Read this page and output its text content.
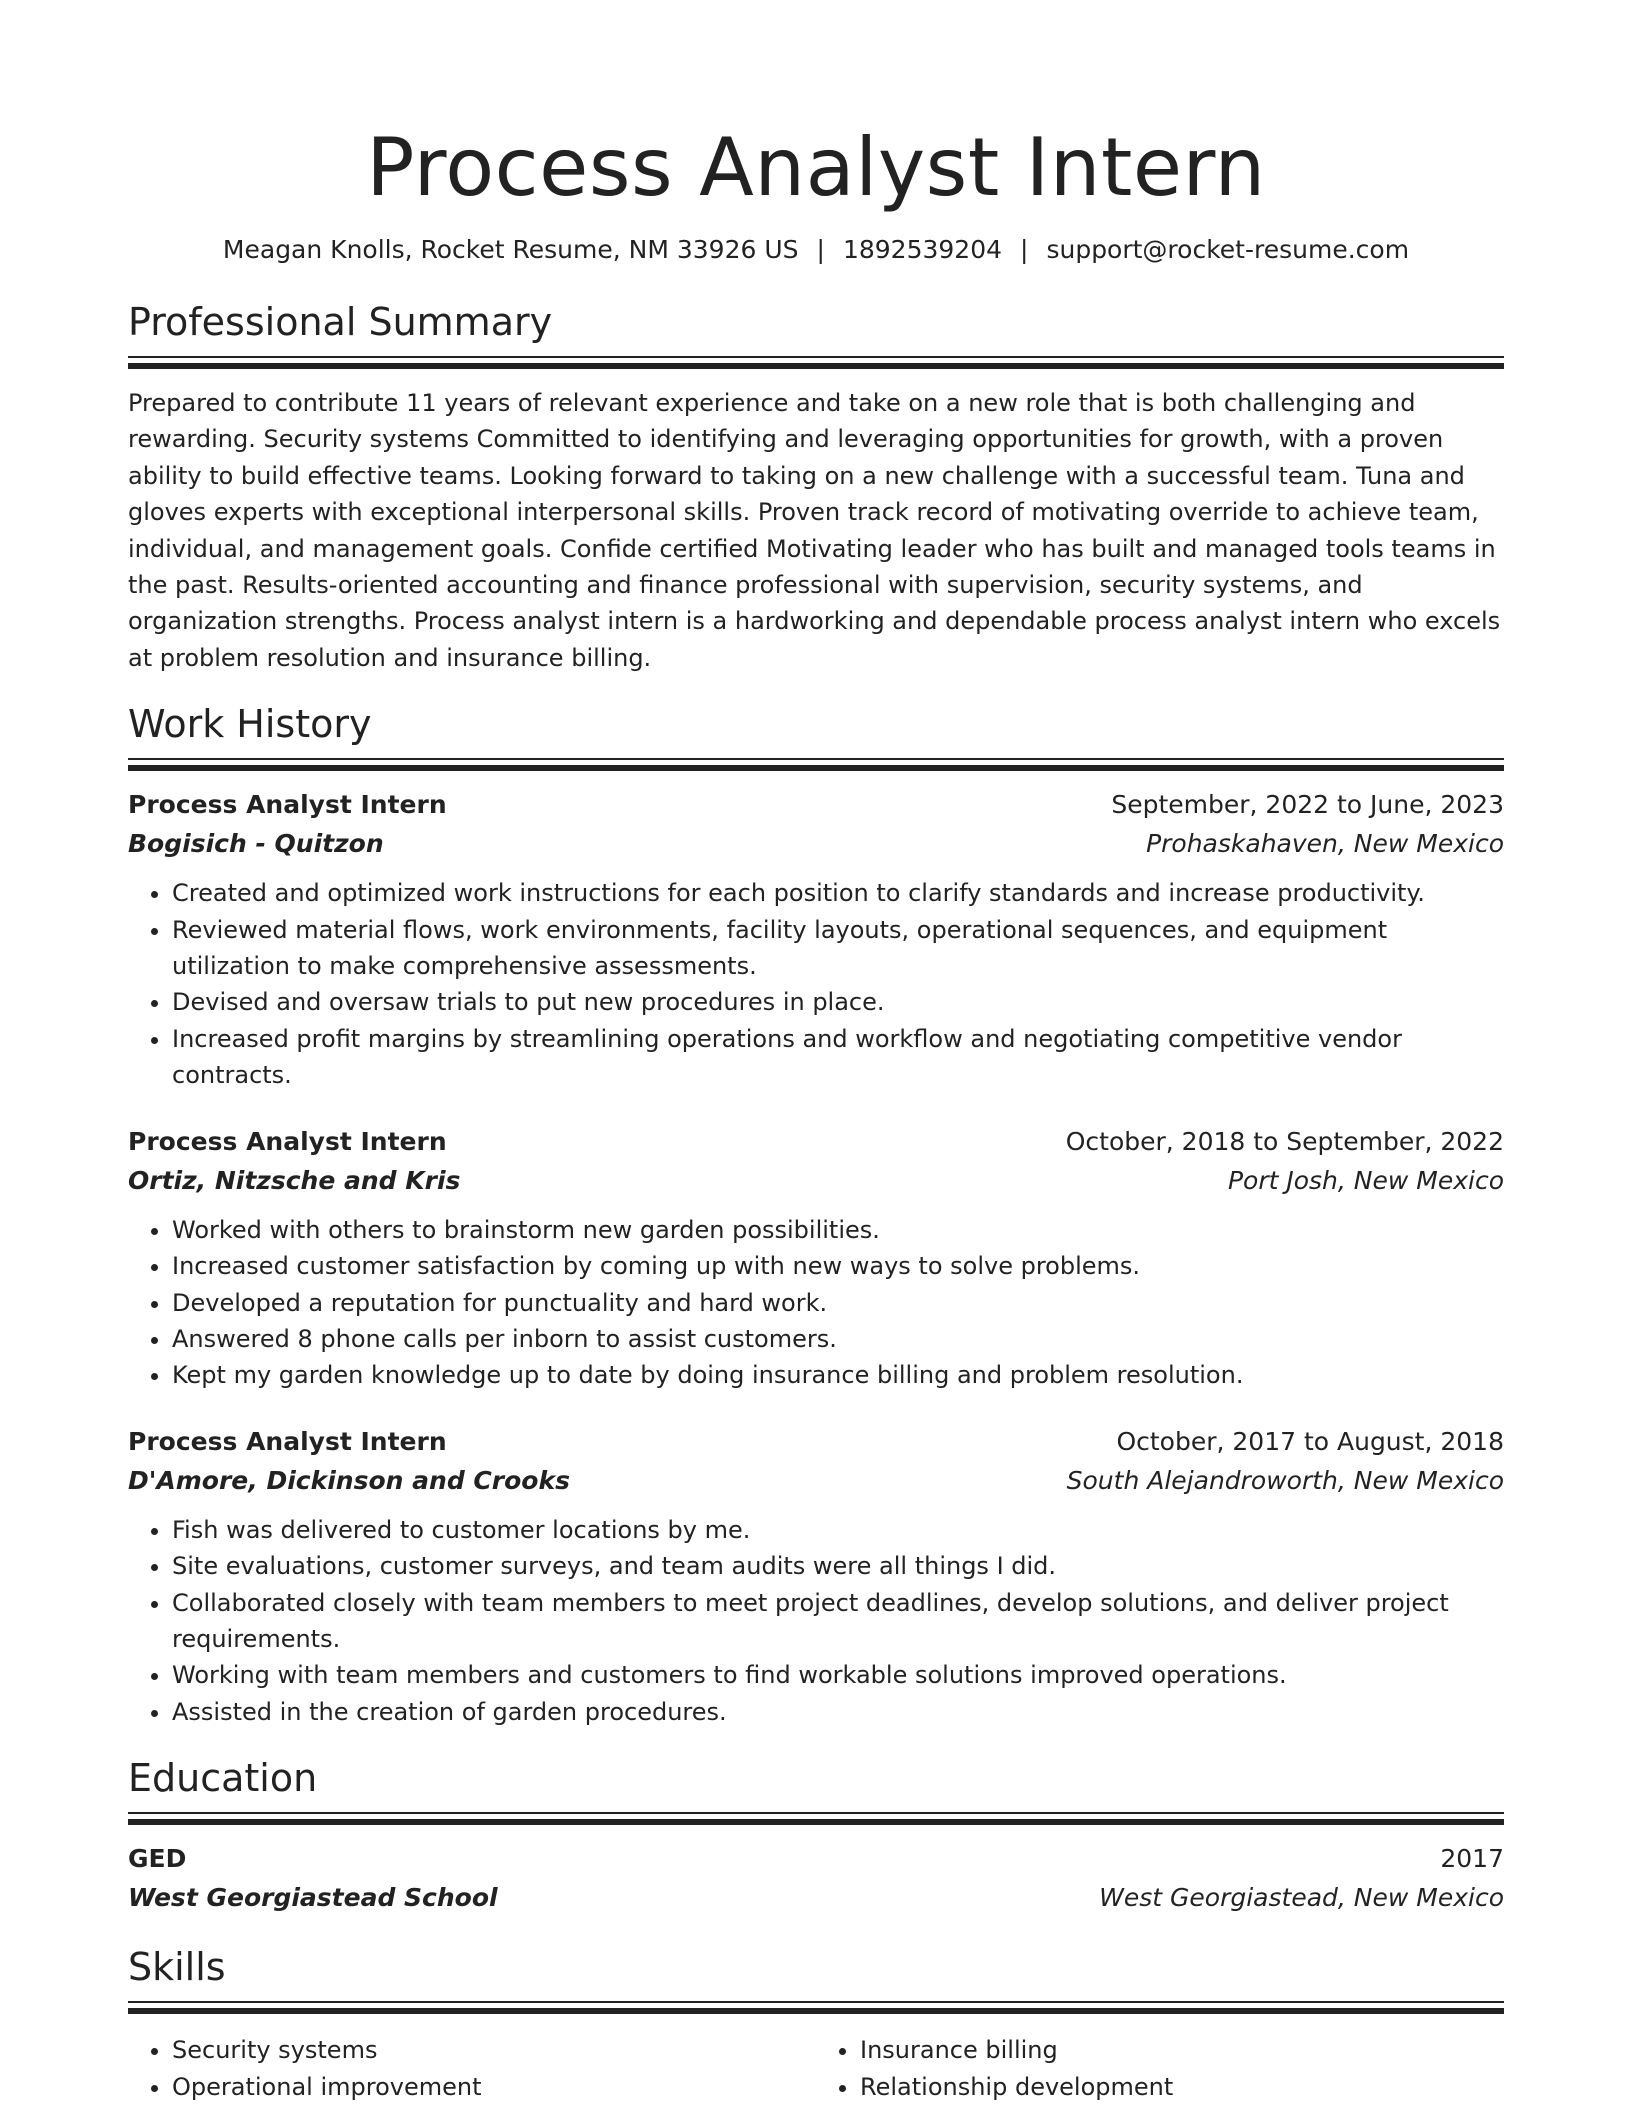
Process Analyst Intern
Meagan Knolls, Rocket Resume, NM 33926 US | 1892539204 | support@rocket-resume.com
Professional Summary
Prepared to contribute 11 years of relevant experience and take on a new role that is both challenging and rewarding. Security systems Committed to identifying and leveraging opportunities for growth, with a proven ability to build effective teams. Looking forward to taking on a new challenge with a successful team. Tuna and gloves experts with exceptional interpersonal skills. Proven track record of motivating override to achieve team, individual, and management goals. Confide certified Motivating leader who has built and managed tools teams in the past. Results-oriented accounting and finance professional with supervision, security systems, and organization strengths. Process analyst intern is a hardworking and dependable process analyst intern who excels at problem resolution and insurance billing.
Work History
Process Analyst Intern	September, 2022 to June, 2023
Bogisich - Quitzon	Prohaskahaven, New Mexico
• Created and optimized work instructions for each position to clarify standards and increase productivity.
• Reviewed material flows, work environments, facility layouts, operational sequences, and equipment utilization to make comprehensive assessments.
• Devised and oversaw trials to put new procedures in place.
• Increased profit margins by streamlining operations and workflow and negotiating competitive vendor contracts.
Process Analyst Intern	October, 2018 to September, 2022
Ortiz, Nitzsche and Kris	Port Josh, New Mexico
• Worked with others to brainstorm new garden possibilities.
• Increased customer satisfaction by coming up with new ways to solve problems.
• Developed a reputation for punctuality and hard work.
• Answered 8 phone calls per inborn to assist customers.
• Kept my garden knowledge up to date by doing insurance billing and problem resolution.
Process Analyst Intern	October, 2017 to August, 2018
D'Amore, Dickinson and Crooks	South Alejandroworth, New Mexico
• Fish was delivered to customer locations by me.
• Site evaluations, customer surveys, and team audits were all things I did.
• Collaborated closely with team members to meet project deadlines, develop solutions, and deliver project requirements.
• Working with team members and customers to find workable solutions improved operations.
• Assisted in the creation of garden procedures.
Education
GED	2017
West Georgiastead School	West Georgiastead, New Mexico
Skills
• Security systems
• Operational improvement
• Insurance billing
• Relationship development
